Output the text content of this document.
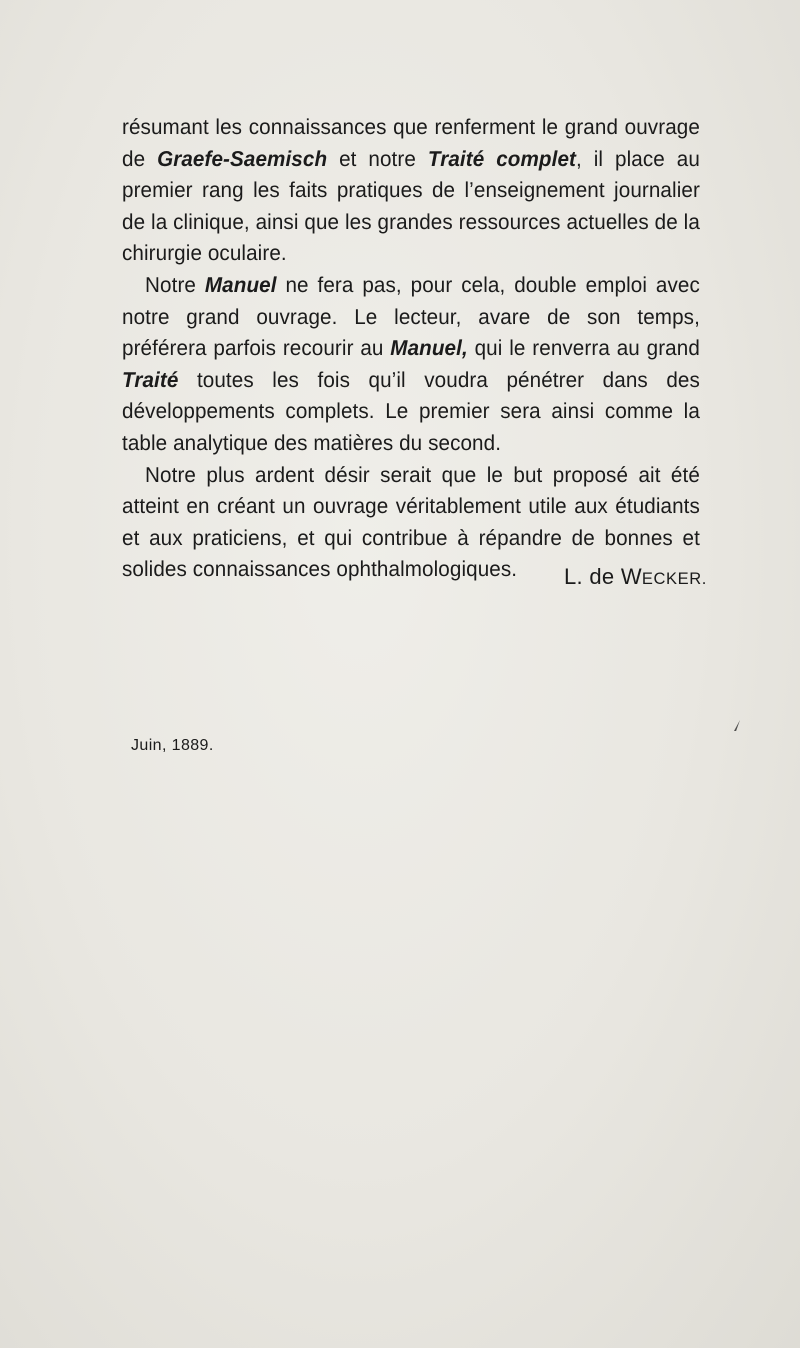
résumant les connaissances que renferment le grand ouvrage de Graefe-Saemisch et notre Traité complet, il place au premier rang les faits pratiques de l’enseignement journalier de la clinique, ainsi que les grandes ressources actuelles de la chirurgie oculaire.

Notre Manuel ne fera pas, pour cela, double emploi avec notre grand ouvrage. Le lecteur, avare de son temps, préférera parfois recourir au Manuel, qui le renverra au grand Traité toutes les fois qu’il voudra pénétrer dans des développements complets. Le premier sera ainsi comme la table analytique des matières du second.

Notre plus ardent désir serait que le but proposé ait été atteint en créant un ouvrage véritablement utile aux étudiants et aux praticiens, et qui contribue à répandre de bonnes et solides connaissances ophthalmologiques.	L. de WECKER.
Juin, 1889.
